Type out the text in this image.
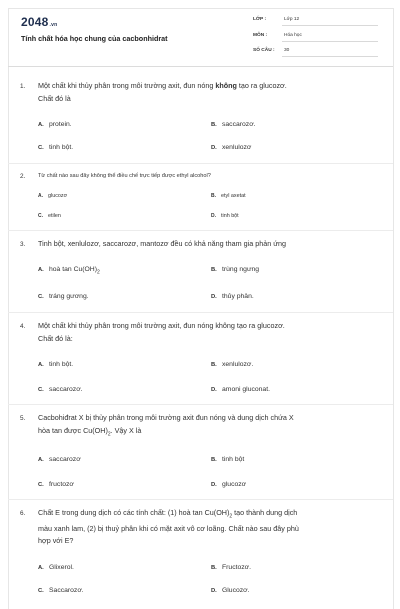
2048.vn
Tính chất hóa học chung của cacbonhidrat
LỚP :	Lớp 12
MÔN :	Hóa học
SỐ CÂU : 30
1. Một chất khi thủy phân trong môi trường axit, đun nóng không tạo ra glucozơ.
Chất đó là
A. protein.	B. saccarozơ.
C. tinh bột.	D. xenlulozơ
2. Từ chất nào sau đây không thể điều chế trực tiếp được ethyl alcohol?
A. glucozơ	B. etyl axetat
C. etilen	D. tinh bột
3. Tinh bột, xenlulozơ, saccarozơ, mantozơ đều có khả năng tham gia phản ứng
A. hoà $\tan Cu(OH)_2$	B. trùng ngưng
C. tráng gương.	D. thủy phân.
4. Một chất khi thủy phân trong môi trường axit, đun nóng không tạo ra glucozơ.
Chất đó là:
A. tinh bột.	B. xenlulozơ.
C. saccarozơ.	D. amoni gluconat.
5. Cacbohiđrat X bị thủy phân trong môi trường axit đun nóng và dung dịch chứa X
hòa tan được $Cu(OH)_2$. Vậy X là
A. saccarozơ	B. tinh bột
C. fructozơ	D. glucozơ
6. Chất E trong dung dịch có các tính chất: (1) hoà $\tan Cu(OH)_2$ tạo thành dung dịch
màu xanh lam, (2) bị thuỷ phân khi có mặt axit vô cơ loãng. Chất nào sau đây phù
hợp với E?
A. Glixerol.	B. Fructozơ.
C. Saccarozơ.	D. Glucozơ.
